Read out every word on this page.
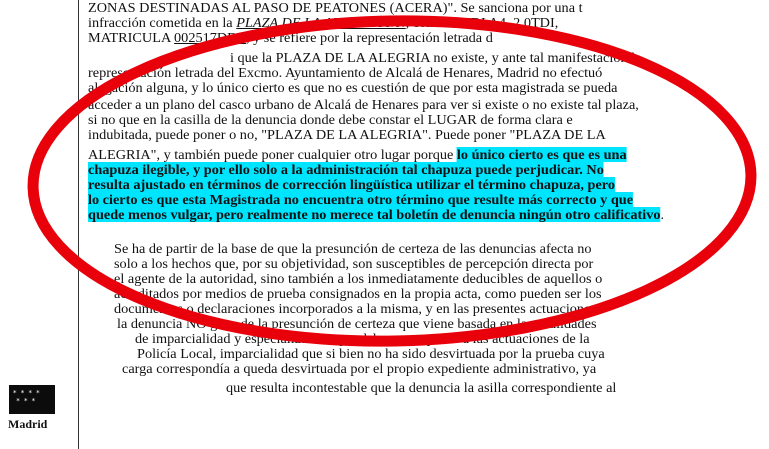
* * * *
* * *
Madrid
ZONAS DESTINADAS AL PASO DE PEATONES (ACERA)". Se sanciona por una t
infracción cometida en la PLAZA DE LA ALEGRIA S/N, con el AUDI A4, 2.0TDI,
MATRICULA 002517DDV, y se refiere por la representación letrada d
i que la PLAZA DE LA ALEGRIA no existe, y ante tal manifestación la
representación letrada del Excmo. Ayuntamiento de Alcalá de Henares, Madrid no efectuó
alegación alguna, y lo único cierto es que no es cuestión de que por esta magistrada se pueda
acceder a un plano del casco urbano de Alcalá de Henares para ver si existe o no existe tal plaza,
si no que en la casilla de la denuncia donde debe constar el LUGAR de forma clara e
indubitada, puede poner o no, "PLAZA DE LA ALEGRIA". Puede poner "PLAZA DE LA
ALEGRIA", y también puede poner cualquier otro lugar porque lo único cierto es que es una
chapuza ilegible, y por ello solo a la administración tal chapuza puede perjudicar. No
resulta ajustado en términos de corrección lingüística utilizar el término chapuza, pero
lo cierto es que esta Magistrada no encuentra otro término que resulte más correcto y que
quede menos vulgar, pero realmente no merece tal boletín de denuncia ningún otro calificativo.
Se ha de partir de la base de que la presunción de certeza de las denuncias afecta no
solo a los hechos que, por su objetividad, son susceptibles de percepción directa por
el agente de la autoridad, sino también a los inmediatamente deducibles de aquellos o
acreditados por medios de prueba consignados en la propia acta, como pueden ser los
documentos o declaraciones incorporados a la misma, y en las presentes actuaciones
la denuncia NO goza de la presunción de certeza que viene basada en las cualidades
de imparcialidad y especialización que debemos suponer a las actuaciones de la
Policía Local, imparcialidad que si bien no ha sido desvirtuada por la prueba cuya
carga correspondía a queda desvirtuada por el propio expediente administrativo, ya
que resulta incontestable que la denuncia la asilla correspondiente al
